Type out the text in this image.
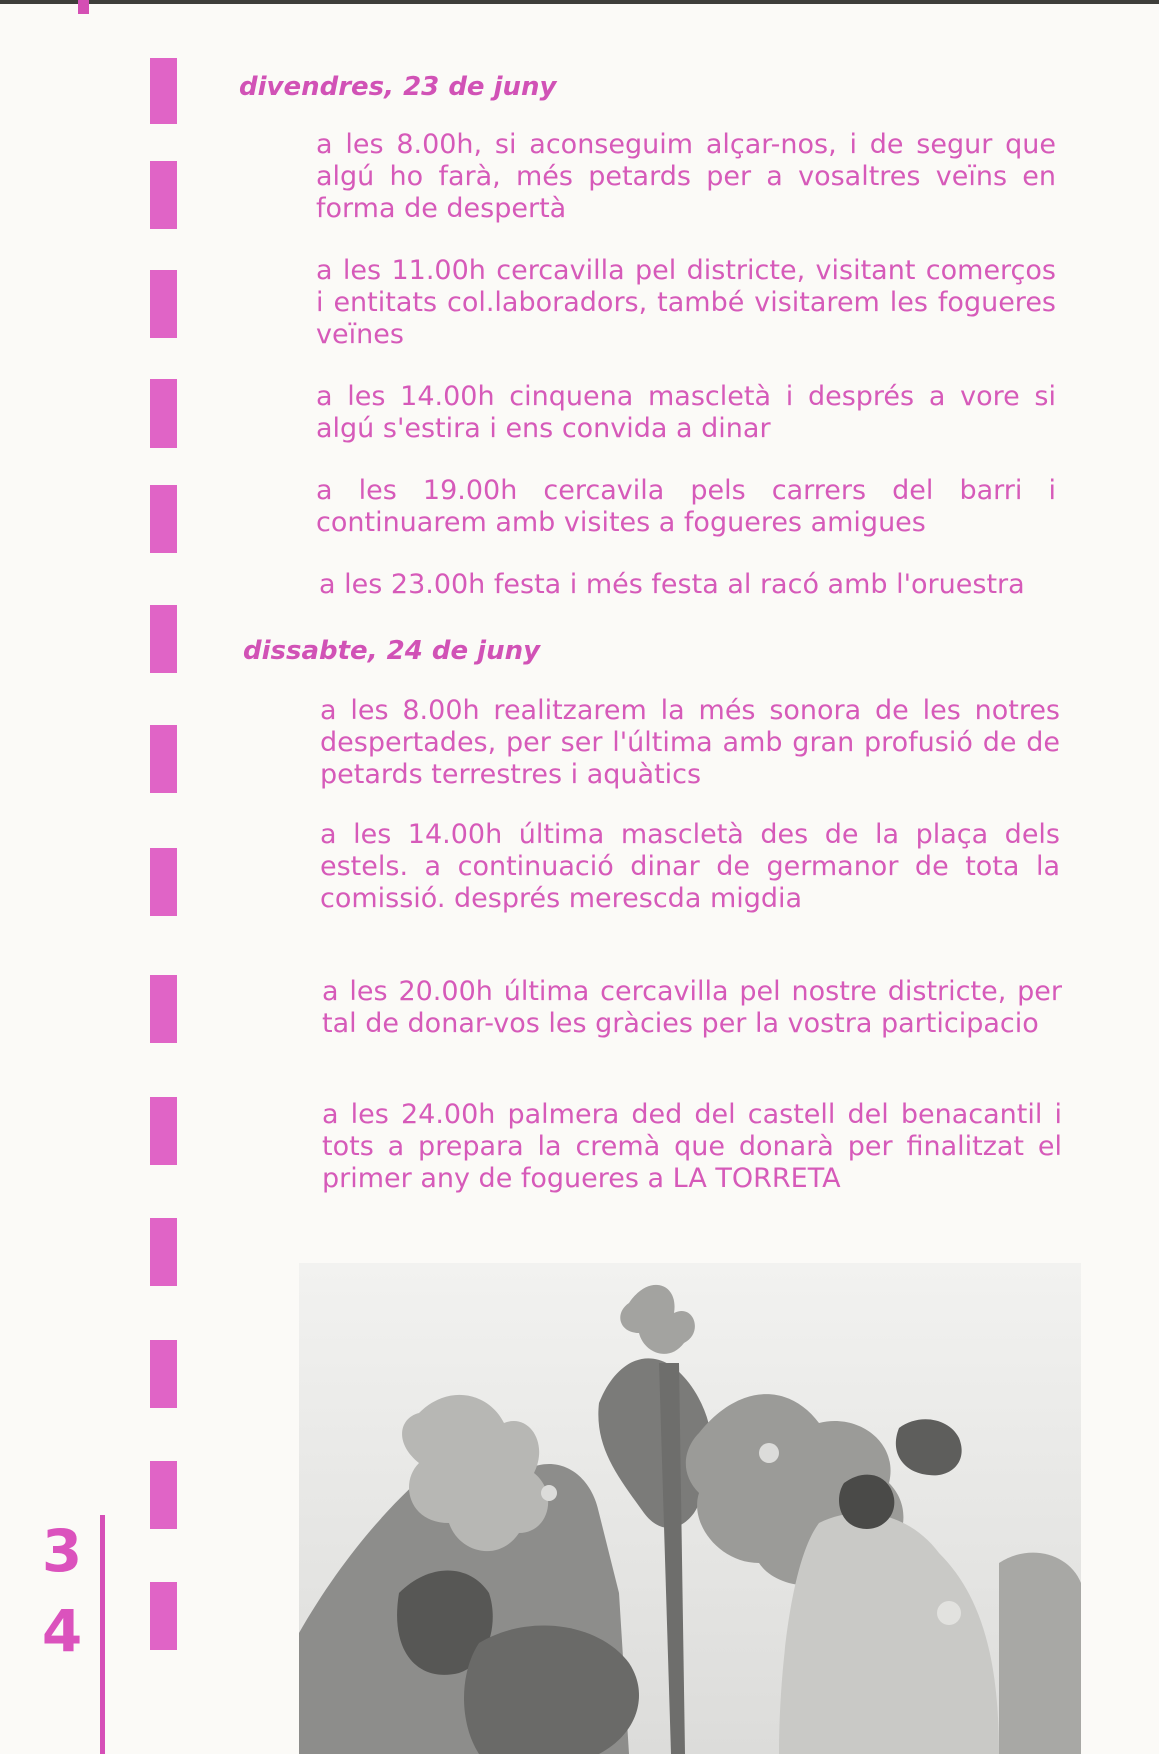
3
4

divendres, 23 de juny

a les 8.00h, si aconseguim alçar-nos, i de segur que algú ho farà, més petards per a vosaltres veïns en forma de despertà

a les 11.00h cercavilla pel districte, visitant comerços i entitats col.laboradors, també visitarem les fogueres veïnes

a les 14.00h cinquena mascletà i després a vore si algú s'estira i ens convida a dinar

a les 19.00h cercavila pels carrers del barri i continuarem amb visites a fogueres amigues

a les 23.00h festa i més festa al racó amb l'oruestra

dissabte, 24 de juny

a les 8.00h realitzarem la més sonora de les notres despertades, per ser l'última amb gran profusió de de petards terrestres i aquàtics

a les 14.00h última mascletà des de la plaça dels estels. a continuació dinar de germanor de tota la comissió. després merescda migdia

a les 20.00h última cercavilla pel nostre districte, per tal de donar-vos les gràcies per la vostra participacio

a les 24.00h palmera ded del castell del benacantil i tots a prepara la cremà que donarà per finalitzat el primer any de fogueres a LA TORRETA
